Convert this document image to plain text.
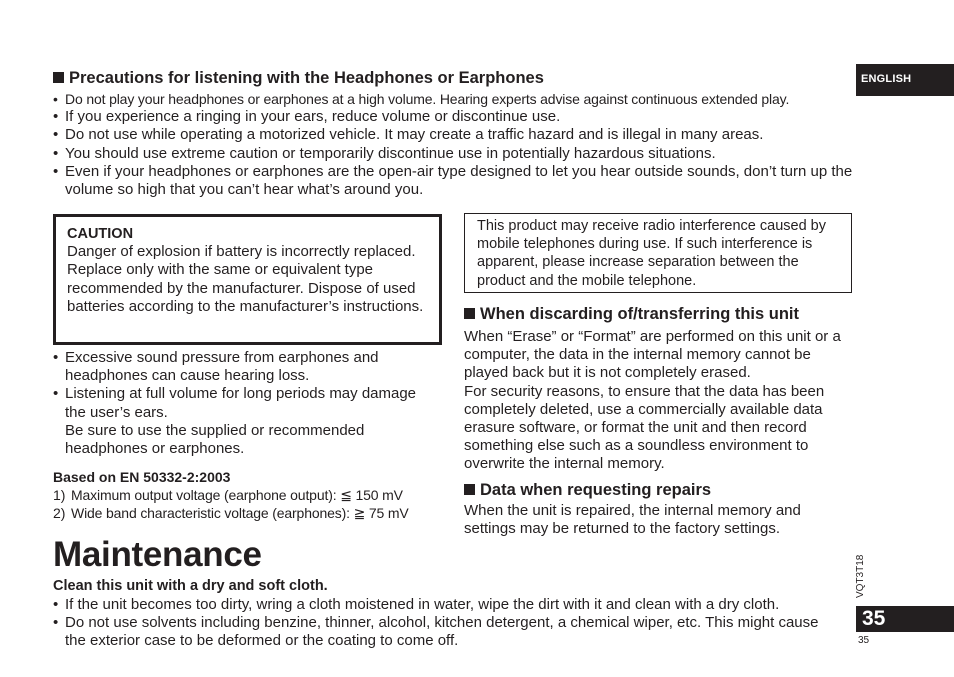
ENGLISH
VQT3T18
35
35
Precautions for listening with the Headphones or Earphones
• Do not play your headphones or earphones at a high volume. Hearing experts advise against continuous extended play.
• If you experience a ringing in your ears, reduce volume or discontinue use.
• Do not use while operating a motorized vehicle. It may create a traffic hazard and is illegal in many areas.
• You should use extreme caution or temporarily discontinue use in potentially hazardous situations.
• Even if your headphones or earphones are the open-air type designed to let you hear outside sounds, don’t turn up the volume so high that you can’t hear what’s around you.
CAUTION
Danger of explosion if battery is incorrectly replaced. Replace only with the same or equivalent type recommended by the manufacturer. Dispose of used batteries according to the manufacturer’s instructions.
• Excessive sound pressure from earphones and headphones can cause hearing loss.
• Listening at full volume for long periods may damage the user’s ears.
Be sure to use the supplied or recommended headphones or earphones.
Based on EN 50332-2:2003
1) Maximum output voltage (earphone output): ≦ 150 mV
2) Wide band characteristic voltage (earphones): ≧ 75 mV
This product may receive radio interference caused by mobile telephones during use. If such interference is apparent, please increase separation between the product and the mobile telephone.
When discarding of/transferring this unit
When “Erase” or “Format” are performed on this unit or a computer, the data in the internal memory cannot be played back but it is not completely erased.
For security reasons, to ensure that the data has been completely deleted, use a commercially available data erasure software, or format the unit and then record something else such as a soundless environment to overwrite the internal memory.
Data when requesting repairs
When the unit is repaired, the internal memory and settings may be returned to the factory settings.
Maintenance
Clean this unit with a dry and soft cloth.
• If the unit becomes too dirty, wring a cloth moistened in water, wipe the dirt with it and clean with a dry cloth.
• Do not use solvents including benzine, thinner, alcohol, kitchen detergent, a chemical wiper, etc. This might cause the exterior case to be deformed or the coating to come off.
